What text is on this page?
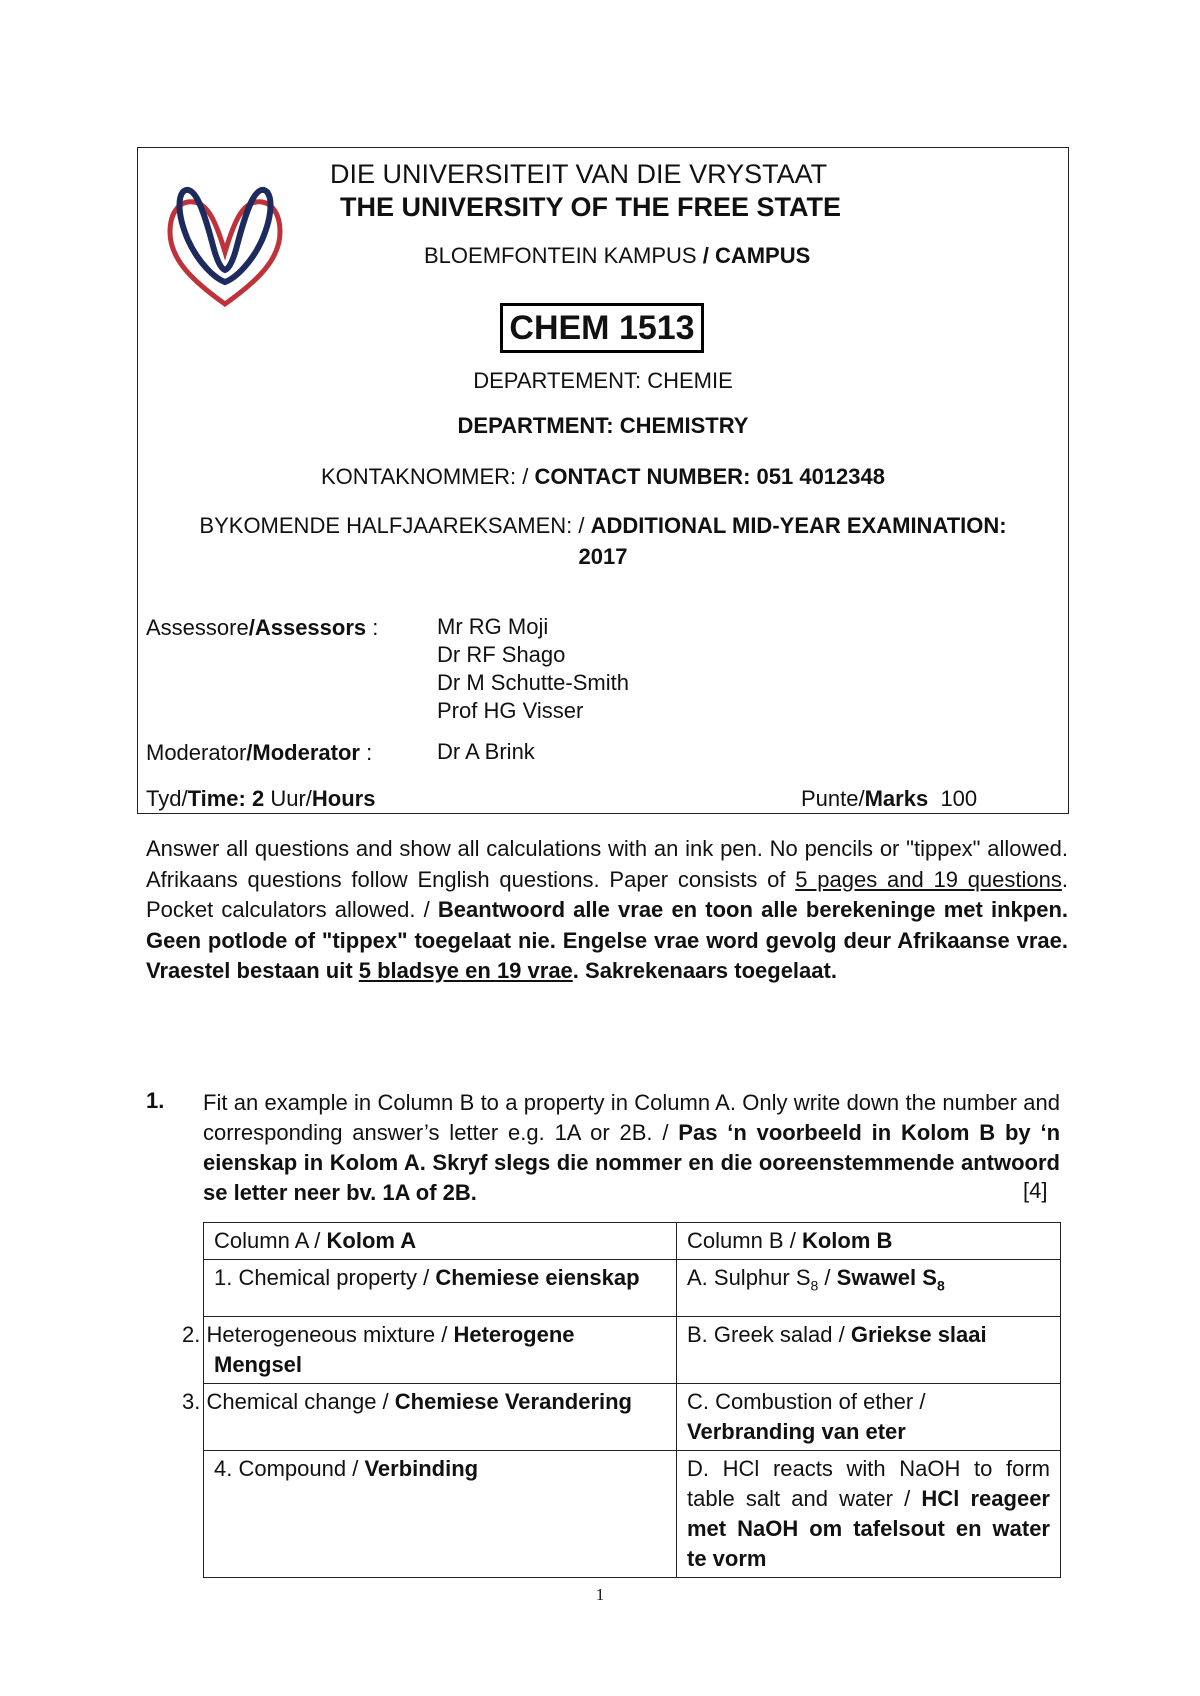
DIE UNIVERSITEIT VAN DIE VRYSTAAT
THE UNIVERSITY OF THE FREE STATE
BLOEMFONTEIN KAMPUS / CAMPUS
CHEM 1513
DEPARTEMENT: CHEMIE
DEPARTMENT: CHEMISTRY
KONTAKNOMMER: / CONTACT NUMBER: 051 4012348
BYKOMENDE HALFJAAREKSAMEN: / ADDITIONAL MID-YEAR EXAMINATION:
2017
Assessore/Assessors :	Mr RG Moji
Dr RF Shago
Dr M Schutte-Smith
Prof HG Visser
Moderator/Moderator :	Dr A Brink
Tyd/Time: 2 Uur/Hours	Punte/Marks 100
Answer all questions and show all calculations with an ink pen. No pencils or "tippex" allowed. Afrikaans questions follow English questions. Paper consists of 5 pages and 19 questions. Pocket calculators allowed. / Beantwoord alle vrae en toon alle berekeninge met inkpen. Geen potlode of "tippex" toegelaat nie. Engelse vrae word gevolg deur Afrikaanse vrae. Vraestel bestaan uit 5 bladsye en 19 vrae. Sakrekenaars toegelaat.
1. Fit an example in Column B to a property in Column A. Only write down the number and corresponding answer’s letter e.g. 1A or 2B. / Pas ‘n voorbeeld in Kolom B by ‘n eienskap in Kolom A. Skryf slegs die nommer en die ooreenstemmende antwoord se letter neer bv. 1A of 2B.	[4]
Column A / Kolom A	Column B / Kolom B
1. Chemical property / Chemiese eienskap	A. Sulphur $S_8$ / Swawel $S_8$
2. Heterogeneous mixture / Heterogene Mengsel	B. Greek salad / Griekse slaai
3. Chemical change / Chemiese Verandering	C. Combustion of ether /
Verbranding van eter
4. Compound / Verbinding	D. HCl reacts with NaOH to form table salt and water / HCl reageer met NaOH om tafelsout en water te vorm
1
